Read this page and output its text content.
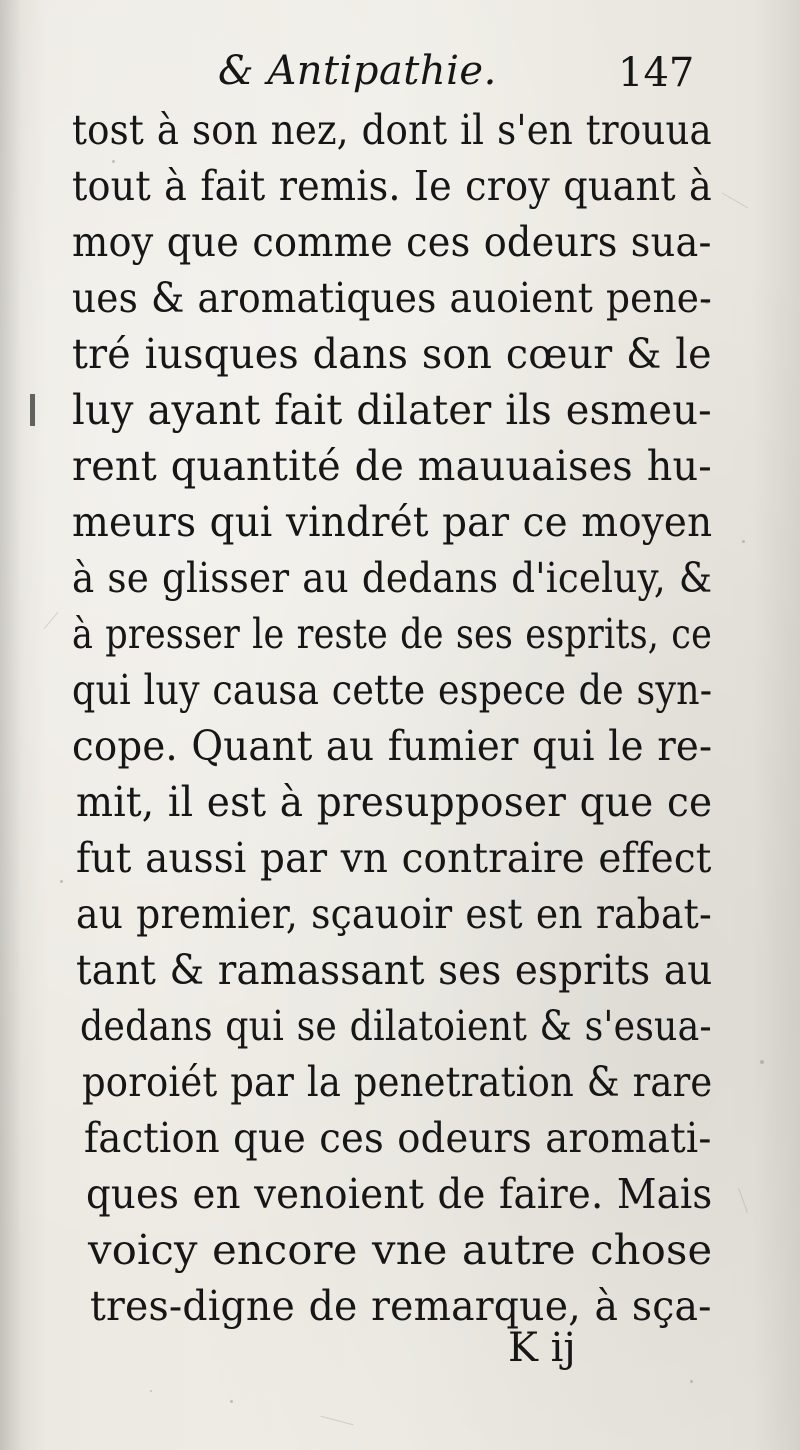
& Antipathie.	147
tost à son nez, dont il s'en trouua
tout à fait remis. Ie croy quant à
moy que comme ces odeurs sua-
ues & aromatiques auoient pene-
tré iusques dans son cœur & le
luy ayant fait dilater ils esmeu-
rent quantité de mauuaises hu-
meurs qui vindrét par ce moyen
à se glisser au dedans d'iceluy, &
à presser le reste de ses esprits, ce
qui luy causa cette espece de syn-
cope. Quant au fumier qui le re-
mit, il est à presupposer que ce
fut aussi par vn contraire effect
au premier, sçauoir est en rabat-
tant & ramassant ses esprits au
dedans qui se dilatoient & s'esua-
poroiét par la penetration & rare
faction que ces odeurs aromati-
ques en venoient de faire. Mais
voicy encore vne autre chose
tres-digne de remarque, à sça-
K ij
